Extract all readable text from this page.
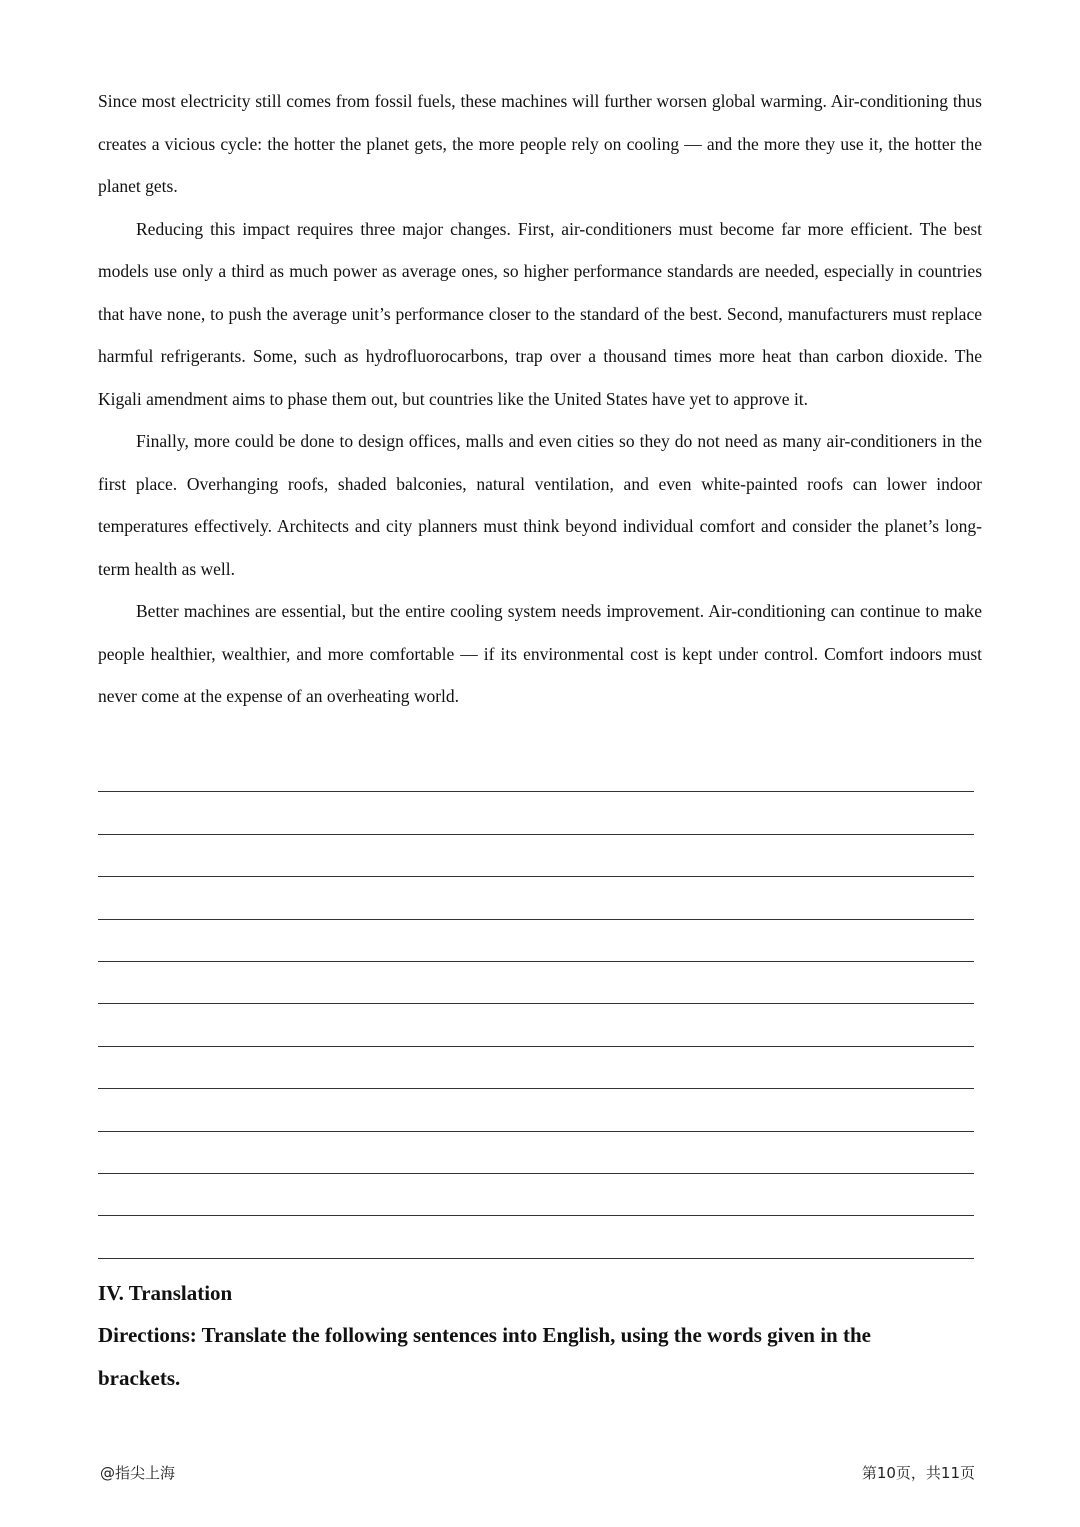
Since most electricity still comes from fossil fuels, these machines will further worsen global warming. Air-conditioning thus creates a vicious cycle: the hotter the planet gets, the more people rely on cooling — and the more they use it, the hotter the planet gets.

Reducing this impact requires three major changes. First, air-conditioners must become far more efficient. The best models use only a third as much power as average ones, so higher performance standards are needed, especially in countries that have none, to push the average unit’s performance closer to the standard of the best. Second, manufacturers must replace harmful refrigerants. Some, such as hydrofluorocarbons, trap over a thousand times more heat than carbon dioxide. The Kigali amendment aims to phase them out, but countries like the United States have yet to approve it.

Finally, more could be done to design offices, malls and even cities so they do not need as many air-conditioners in the first place. Overhanging roofs, shaded balconies, natural ventilation, and even white-painted roofs can lower indoor temperatures effectively. Architects and city planners must think beyond individual comfort and consider the planet’s long-term health as well.

Better machines are essential, but the entire cooling system needs improvement. Air-conditioning can continue to make people healthier, wealthier, and more comfortable — if its environmental cost is kept under control. Comfort indoors must never come at the expense of an overheating world.

IV. Translation

Directions: Translate the following sentences into English, using the words given in the brackets.

@指尖上海	第10页，共11页
